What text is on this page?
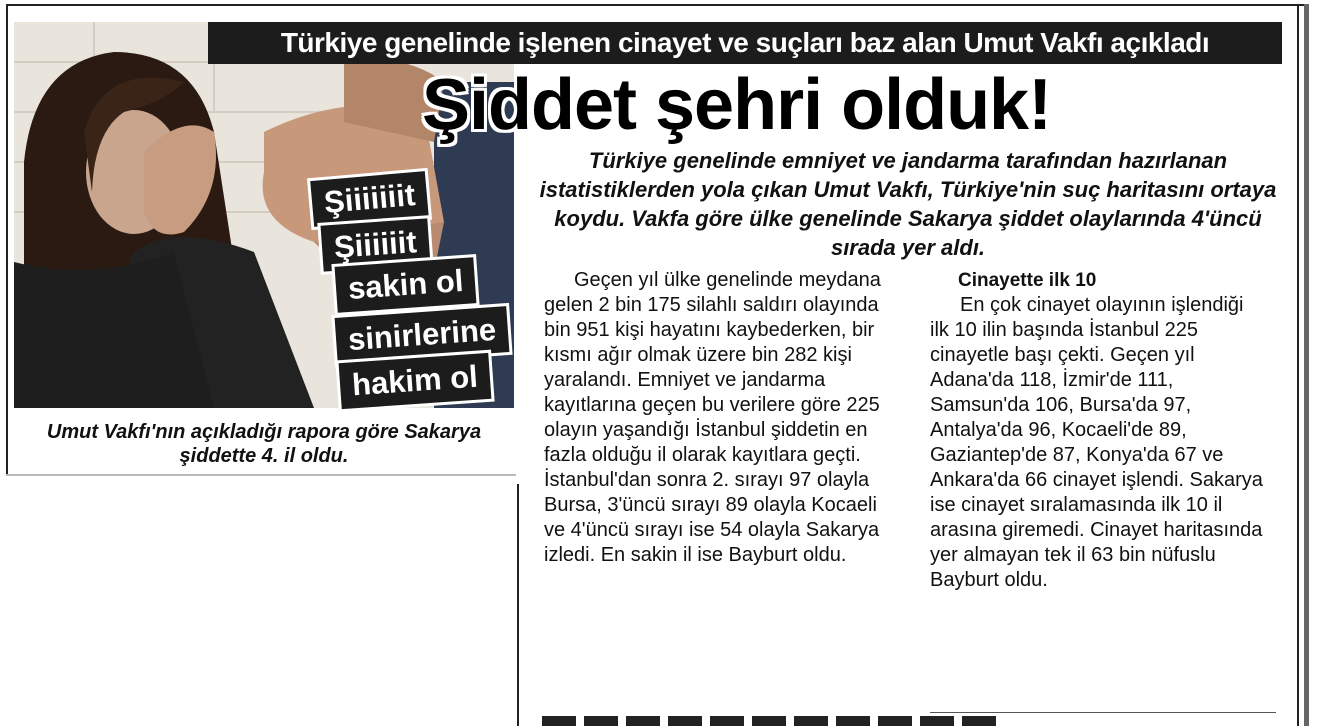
Türkiye genelinde işlenen cinayet ve suçları baz alan Umut Vakfı açıkladı
Şiddet şehri olduk!
Türkiye genelinde emniyet ve jandarma tarafından hazırlanan istatistiklerden yola çıkan Umut Vakfı, Türkiye'nin suç haritasını ortaya koydu. Vakfa göre ülke genelinde Sakarya şiddet olaylarında 4'üncü sırada yer aldı.
Şiiiiiiit
Şiiiiiit
sakin ol
sinirlerine
hakim ol
Umut Vakfı'nın açıkladığı rapora göre Sakarya şiddette 4. il oldu.

Geçen yıl ülke genelinde meydana gelen 2 bin 175 silahlı saldırı olayında bin 951 kişi hayatını kaybederken, bir kısmı ağır olmak üzere bin 282 kişi yaralandı. Emniyet ve jandarma kayıtlarına geçen bu verilere göre 225 olayın yaşandığı İstanbul şiddetin en fazla olduğu il olarak kayıtlara geçti. İstanbul'dan sonra 2. sırayı 97 olayla Bursa, 3'üncü sırayı 89 olayla Kocaeli ve 4'üncü sırayı ise 54 olayla Sakarya izledi. En sakin il ise Bayburt oldu.

Cinayette ilk 10

En çok cinayet olayının işlendiği ilk 10 ilin başında İstanbul 225 cinayetle başı çekti. Geçen yıl Adana'da 118, İzmir'de 111, Samsun'da 106, Bursa'da 97, Antalya'da 96, Kocaeli'de 89, Gaziantep'de 87, Konya'da 67 ve Ankara'da 66 cinayet işlendi. Sakarya ise cinayet sıralamasında ilk 10 il arasına giremedi. Cinayet haritasında yer almayan tek il 63 bin nüfuslu Bayburt oldu.
